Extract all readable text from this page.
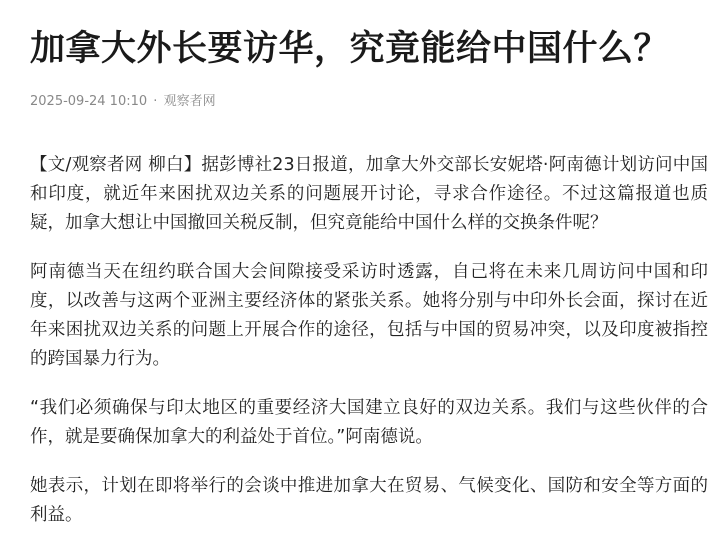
加拿大外长要访华，究竟能给中国什么？
2025-09-24 10:10 · 观察者网

【文/观察者网 柳白】据彭博社23日报道，加拿大外交部长安妮塔·阿南德计划访问中国和印度，就近年来困扰双边关系的问题展开讨论，寻求合作途径。不过这篇报道也质疑，加拿大想让中国撤回关税反制，但究竟能给中国什么样的交换条件呢？

阿南德当天在纽约联合国大会间隙接受采访时透露，自己将在未来几周访问中国和印度，以改善与这两个亚洲主要经济体的紧张关系。她将分别与中印外长会面，探讨在近年来困扰双边关系的问题上开展合作的途径，包括与中国的贸易冲突，以及印度被指控的跨国暴力行为。

“我们必须确保与印太地区的重要经济大国建立良好的双边关系。我们与这些伙伴的合作，就是要确保加拿大的利益处于首位。”阿南德说。

她表示，计划在即将举行的会谈中推进加拿大在贸易、气候变化、国防和安全等方面的利益。
